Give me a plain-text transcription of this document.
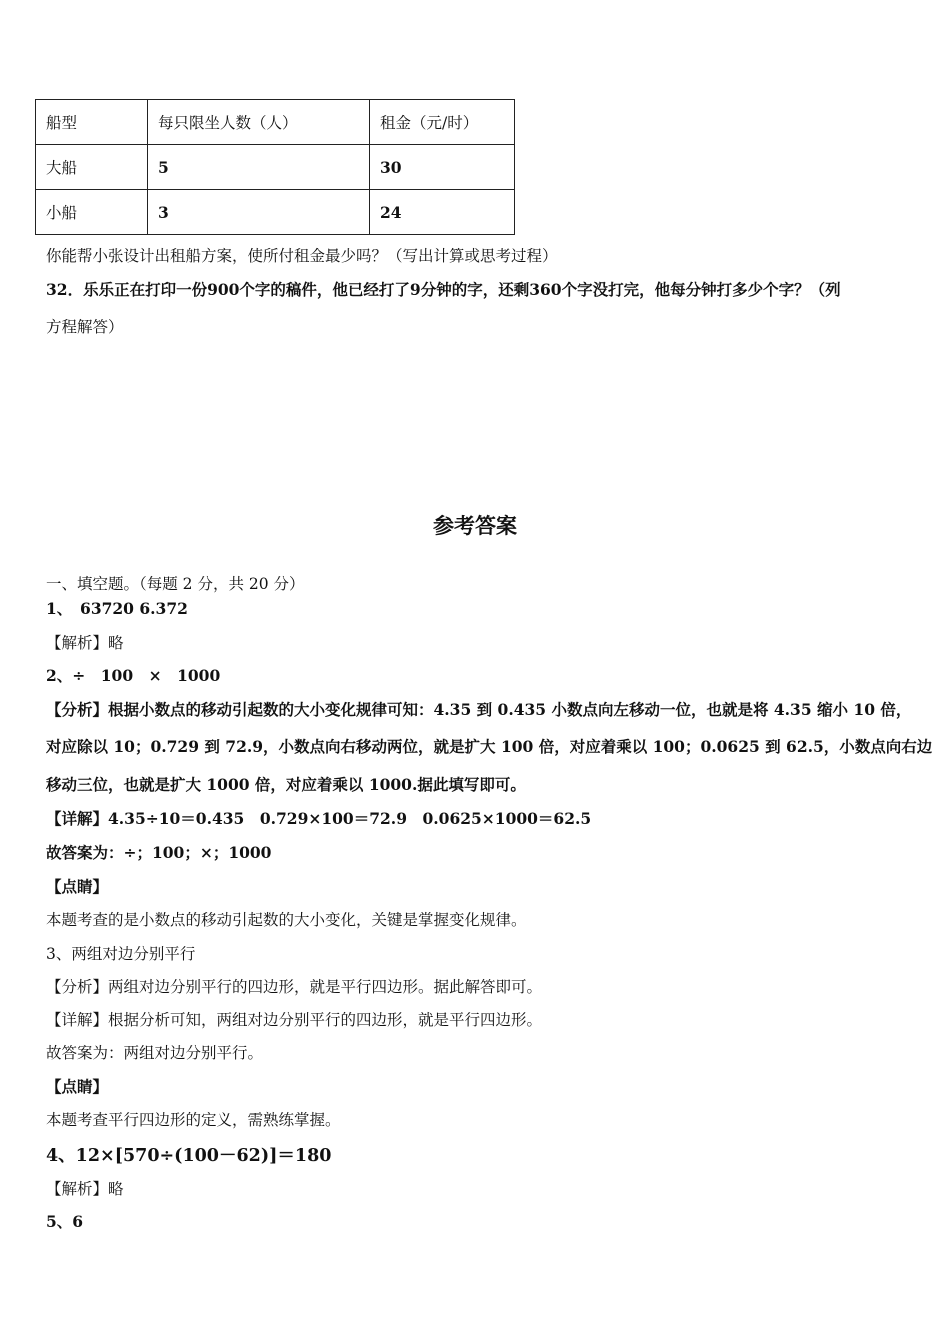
船型	每只限坐人数（人）	租金（元/时）
大船	5	30
小船	3	24
你能帮小张设计出租船方案，使所付租金最少吗？（写出计算或思考过程）
32．乐乐正在打印一份900个字的稿件，他已经打了9分钟的字，还剩360个字没打完，他每分钟打多少个字？（列
方程解答）
参考答案
一、填空题。（每题 2 分，共 20 分）
1、　63720 6.372
【解析】略
2、÷　100　×　1000
【分析】根据小数点的移动引起数的大小变化规律可知：4.35 到 0.435 小数点向左移动一位，也就是将 4.35 缩小 10 倍，
对应除以 10；0.729 到 72.9，小数点向右移动两位，就是扩大 100 倍，对应着乘以 100；0.0625 到 62.5，小数点向右边
移动三位，也就是扩大 1000 倍，对应着乘以 1000.据此填写即可。
【详解】4.35÷10＝0.435　0.729×100＝72.9　0.0625×1000＝62.5
故答案为：÷；100；×；1000
【点睛】
本题考查的是小数点的移动引起数的大小变化，关键是掌握变化规律。
3、两组对边分别平行
【分析】两组对边分别平行的四边形，就是平行四边形。据此解答即可。
【详解】根据分析可知，两组对边分别平行的四边形，就是平行四边形。
故答案为：两组对边分别平行。
【点睛】
本题考查平行四边形的定义，需熟练掌握。
4、12×[570÷(100－62)]＝180
【解析】略
5、6
